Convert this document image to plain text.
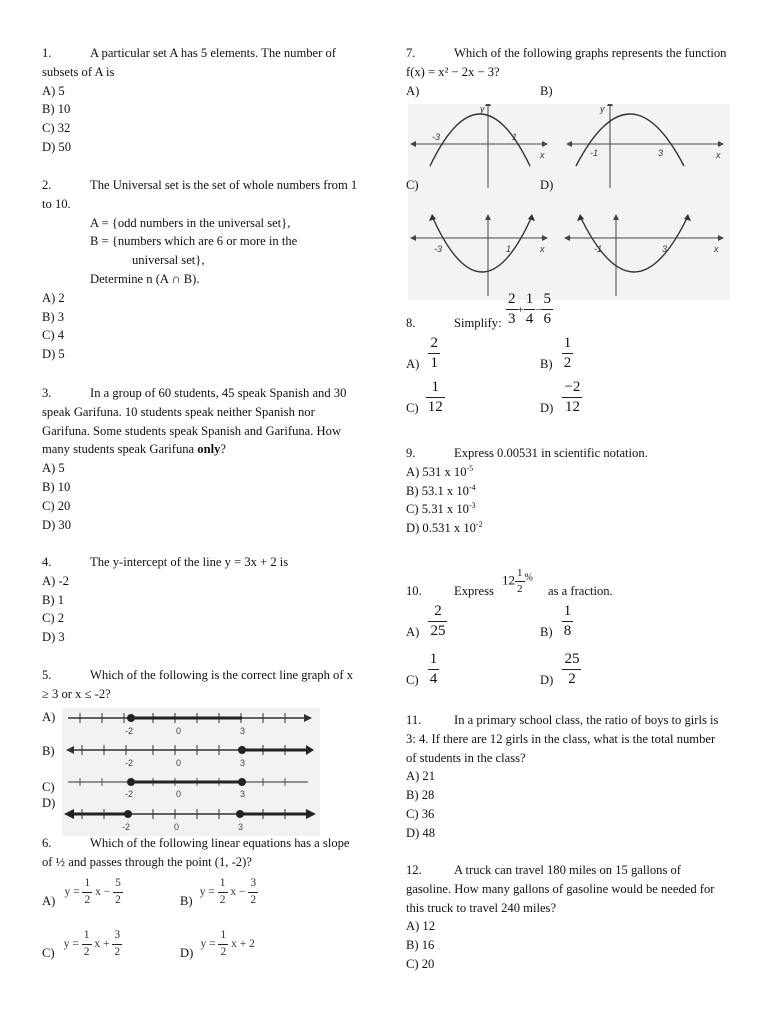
1.	A particular set A has 5 elements. The number of subsets of A is
A) 5
B) 10
C) 32
D) 50
2.	The Universal set is the set of whole numbers from 1 to 10.
A = {odd numbers in the universal set},
B = {numbers which are 6 or more in the
universal set},
Determine n (A ∩ B).
A) 2
B) 3
C) 4
D) 5
3.	In a group of 60 students, 45 speak Spanish and 30 speak Garifuna. 10 students speak neither Spanish nor Garifuna. Some students speak Spanish and Garifuna. How many students speak Garifuna only?
A) 5
B) 10
C) 20
D) 30
4.	The y-intercept of the line y = 3x + 2 is
A) -2
B) 1
C) 2
D) 3
5.	Which of the following is the correct line graph of x ≥ 3 or x ≤ -2?
A)
B)
C)
D)
-2	0	3
-2	0	3
-2	0	3
-2	0	3
6.	Which of the following linear equations has a slope of ½ and passes through the point (1, -2)?
A) $y = \frac{1}{2}$ $x - \frac{5}{2}$	B) $y = \frac{1}{2}$ $x - \frac{3}{2}$
C) $y = \frac{1}{2}$ $x + \frac{3}{2}$	D) $y = \frac{1}{2}$ x + 2
7.	Which of the following graphs represents the function f(x) = x² − 2x − 3?
A)	B)
-3	1
x
y
-1	3	x
y
-3	1	x	-1	3	x
C)	D)
8.	Simplify: $\frac{2}{3} + \frac{1}{4} - \frac{5}{6}$
$A) \frac{2}{1}$	$B) \frac{1}{2}$
$C) \frac{1}{12}$	$D) \frac{-2}{12}$
9.	Express 0.00531 in scientific notation.
A) 531 x $10^{-5}$
B) 53.1 x $10^{-4}$
C) 5.31 x $10^{-3}$
D) 0.531 x $10^{-2}$
10.	Express
$12 \frac{1}{2} ^{\%}$
as a fraction.
$A) \frac{2}{25}$	$B) \frac{1}{8}$
$C) \frac{1}{4}$	$D) \frac{25}{2}$
11.	In a primary school class, the ratio of boys to girls is 3: 4. If there are 12 girls in the class, what is the total number of students in the class?
A) 21
B) 28
C) 36
D) 48
12.	A truck can travel 180 miles on 15 gallons of gasoline. How many gallons of gasoline would be needed for this truck to travel 240 miles?
A) 12
B) 16
C) 20
